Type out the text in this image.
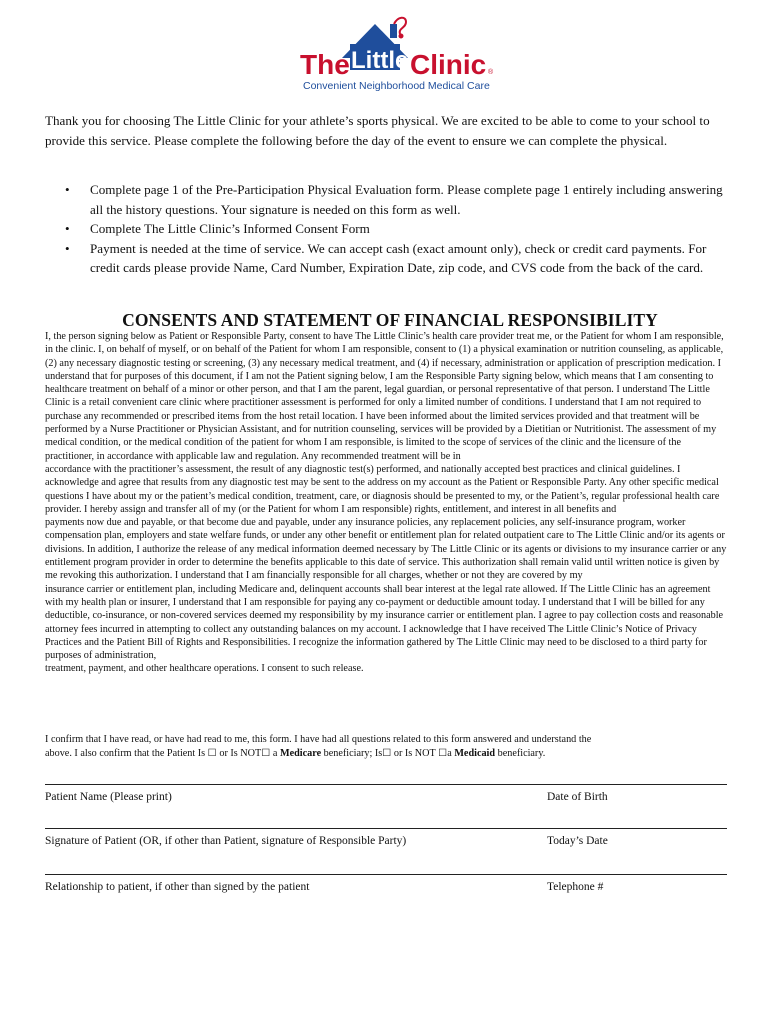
The Little Clinic ®
Convenient Neighborhood Medical Care
Thank you for choosing The Little Clinic for your athlete’s sports physical. We are excited to be able to come to your school to provide this service. Please complete the following before the day of the event to ensure we can complete the physical.
• Complete page 1 of the Pre-Participation Physical Evaluation form. Please complete page 1 entirely including answering all the history questions. Your signature is needed on this form as well.
• Complete The Little Clinic’s Informed Consent Form
• Payment is needed at the time of service. We can accept cash (exact amount only), check or credit card payments. For credit cards please provide Name, Card Number, Expiration Date, zip code, and CVS code from the back of the card.
CONSENTS AND STATEMENT OF FINANCIAL RESPONSIBILITY

I, the person signing below as Patient or Responsible Party, consent to have The Little Clinic’s health care provider treat me, or the Patient for whom I am responsible, in the clinic. I, on behalf of myself, or on behalf of the Patient for whom I am responsible, consent to (1) a physical examination or nutrition counseling, as applicable, (2) any necessary diagnostic testing or screening, (3) any necessary medical treatment, and (4) if necessary, administration or application of prescription medication. I understand that for purposes of this document, if I am not the Patient signing below, I am the Responsible Party signing below, which means that I am consenting to healthcare treatment on behalf of a minor or other person, and that I am the parent, legal guardian, or personal representative of that person. I understand The Little Clinic is a retail convenient care clinic where practitioner assessment is performed for only a limited number of conditions. I understand that I am not required to purchase any recommended or prescribed items from the host retail location. I have been informed about the limited services provided and that treatment will be performed by a Nurse Practitioner or Physician Assistant, and for nutrition counseling, services will be provided by a Dietitian or Nutritionist. The assessment of my medical condition, or the medical condition of the patient for whom I am responsible, is limited to the scope of services of the clinic and the licensure of the practitioner, in accordance with applicable law and regulation. Any recommended treatment will be in

accordance with the practitioner’s assessment, the result of any diagnostic test(s) performed, and nationally accepted best practices and clinical guidelines. I acknowledge and agree that results from any diagnostic test may be sent to the address on my account as the Patient or Responsible Party. Any other specific medical questions I have about my or the patient’s medical condition, treatment, care, or diagnosis should be presented to my, or the Patient’s, regular professional health care provider. I hereby assign and transfer all of my (or the Patient for whom I am responsible) rights, entitlement, and interest in all benefits and

payments now due and payable, or that become due and payable, under any insurance policies, any replacement policies, any self-insurance program, worker compensation plan, employers and state welfare funds, or under any other benefit or entitlement plan for related outpatient care to The Little Clinic and/or its agents or divisions. In addition, I authorize the release of any medical information deemed necessary by The Little Clinic or its agents or divisions to my insurance carrier or any entitlement program provider in order to determine the benefits applicable to this date of service. This authorization shall remain valid until written notice is given by me revoking this authorization. I understand that I am financially responsible for all charges, whether or not they are covered by my

insurance carrier or entitlement plan, including Medicare and, delinquent accounts shall bear interest at the legal rate allowed. If The Little Clinic has an agreement with my health plan or insurer, I understand that I am responsible for paying any co-payment or deductible amount today. I understand that I will be billed for any deductible, co-insurance, or non-covered services deemed my responsibility by my insurance carrier or entitlement plan. I agree to pay collection costs and reasonable attorney fees incurred in attempting to collect any outstanding balances on my account. I acknowledge that I have received The Little Clinic’s Notice of Privacy Practices and the Patient Bill of Rights and Responsibilities. I recognize the information gathered by The Little Clinic may need to be disclosed to a third party for purposes of administration,

treatment, payment, and other healthcare operations. I consent to such release.

I confirm that I have read, or have had read to me, this form. I have had all questions related to this form answered and understand the

above. I also confirm that the Patient Is ☐ or Is NOT☐ a Medicare beneficiary; Is☐ or Is NOT ☐a Medicaid beneficiary.

Patient Name (Please print)	Date of Birth
Signature of Patient (OR, if other than Patient, signature of Responsible Party)	Today’s Date
Relationship to patient, if other than signed by the patient	Telephone #
